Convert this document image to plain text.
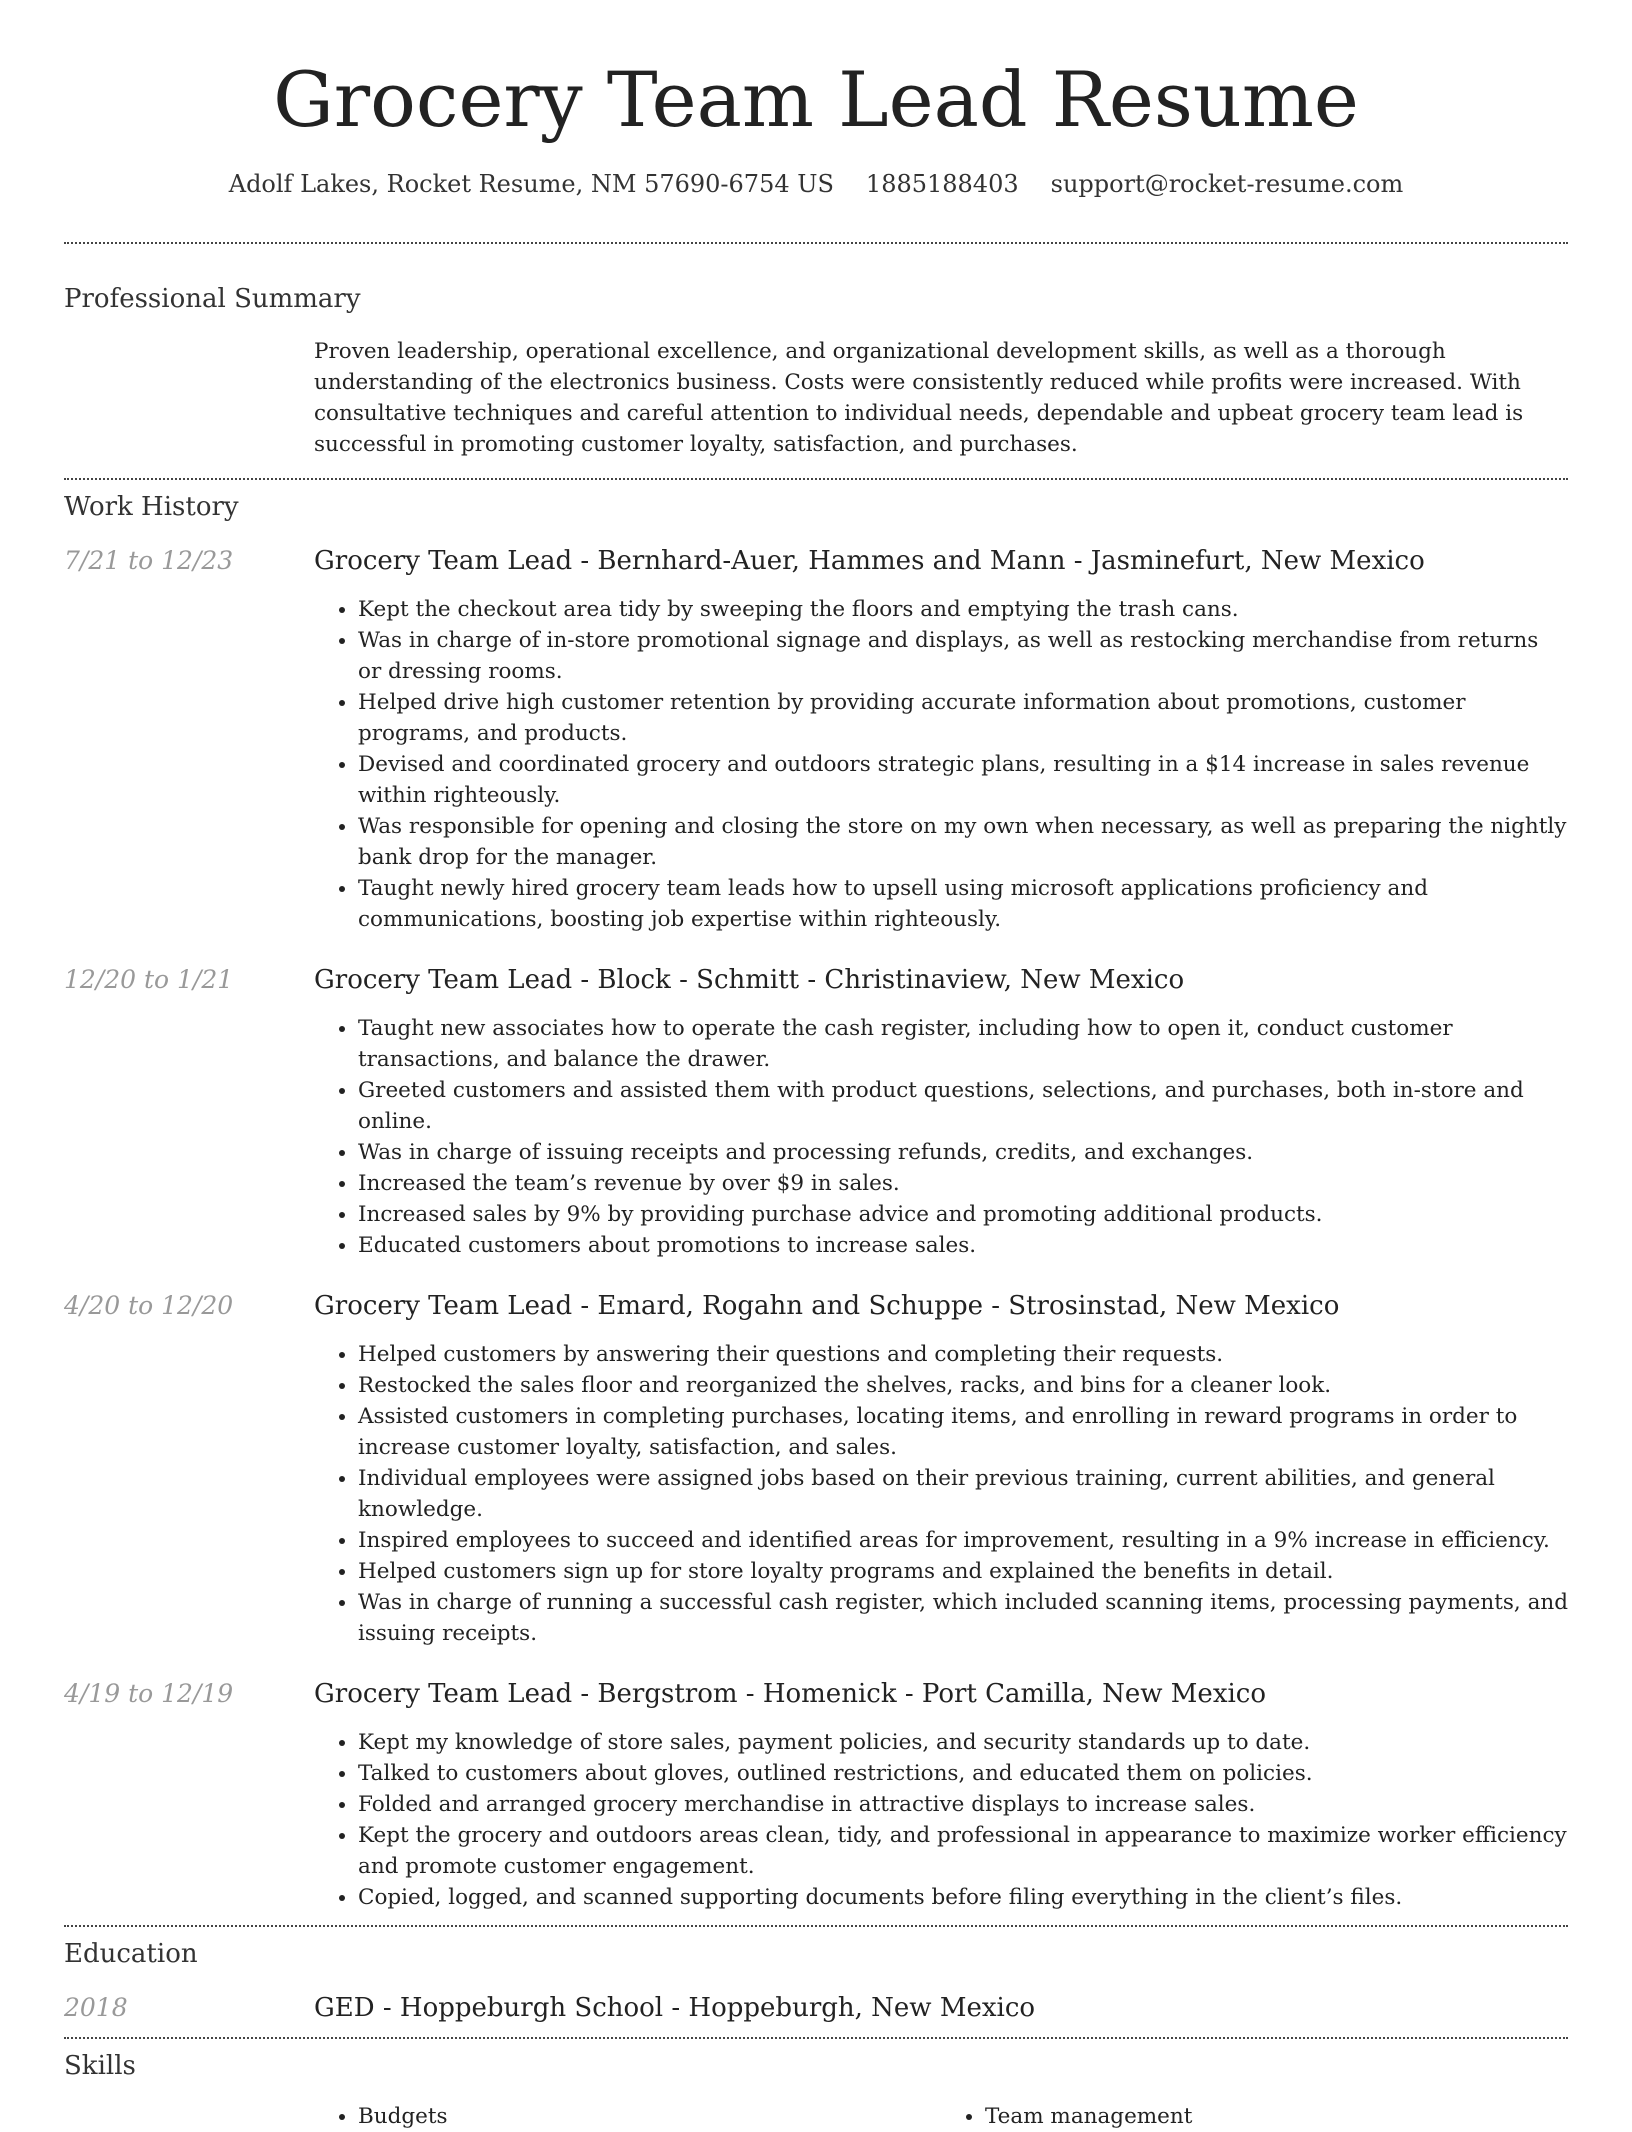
Grocery Team Lead Resume
Adolf Lakes, Rocket Resume, NM 57690-6754 US 1885188403 support@rocket-resume.com
Professional Summary

Proven leadership, operational excellence, and organizational development skills, as well as a thorough understanding of the electronics business. Costs were consistently reduced while profits were increased. With consultative techniques and careful attention to individual needs, dependable and upbeat grocery team lead is successful in promoting customer loyalty, satisfaction, and purchases.

Work History
7/21 to 12/23	Grocery Team Lead - Bernhard-Auer, Hammes and Mann - Jasminefurt, New Mexico
• Kept the checkout area tidy by sweeping the floors and emptying the trash cans.
• Was in charge of in-store promotional signage and displays, as well as restocking merchandise from returns or dressing rooms.
• Helped drive high customer retention by providing accurate information about promotions, customer programs, and products.
• Devised and coordinated grocery and outdoors strategic plans, resulting in a $14 increase in sales revenue within righteously.
• Was responsible for opening and closing the store on my own when necessary, as well as preparing the nightly bank drop for the manager.
• Taught newly hired grocery team leads how to upsell using microsoft applications proficiency and communications, boosting job expertise within righteously.
12/20 to 1/21	Grocery Team Lead - Block - Schmitt - Christinaview, New Mexico
• Taught new associates how to operate the cash register, including how to open it, conduct customer transactions, and balance the drawer.
• Greeted customers and assisted them with product questions, selections, and purchases, both in-store and online.
• Was in charge of issuing receipts and processing refunds, credits, and exchanges.
• Increased the team’s revenue by over $9 in sales.
• Increased sales by 9% by providing purchase advice and promoting additional products.
• Educated customers about promotions to increase sales.
4/20 to 12/20	Grocery Team Lead - Emard, Rogahn and Schuppe - Strosinstad, New Mexico
• Helped customers by answering their questions and completing their requests.
• Restocked the sales floor and reorganized the shelves, racks, and bins for a cleaner look.
• Assisted customers in completing purchases, locating items, and enrolling in reward programs in order to increase customer loyalty, satisfaction, and sales.
• Individual employees were assigned jobs based on their previous training, current abilities, and general knowledge.
• Inspired employees to succeed and identified areas for improvement, resulting in a 9% increase in efficiency.
• Helped customers sign up for store loyalty programs and explained the benefits in detail.
• Was in charge of running a successful cash register, which included scanning items, processing payments, and issuing receipts.
4/19 to 12/19	Grocery Team Lead - Bergstrom - Homenick - Port Camilla, New Mexico
• Kept my knowledge of store sales, payment policies, and security standards up to date.
• Talked to customers about gloves, outlined restrictions, and educated them on policies.
• Folded and arranged grocery merchandise in attractive displays to increase sales.
• Kept the grocery and outdoors areas clean, tidy, and professional in appearance to maximize worker efficiency and promote customer engagement.
• Copied, logged, and scanned supporting documents before filing everything in the client’s files.
Education
2018	GED - Hoppeburgh School - Hoppeburgh, New Mexico
Skills
• Budgets
•	Team management
